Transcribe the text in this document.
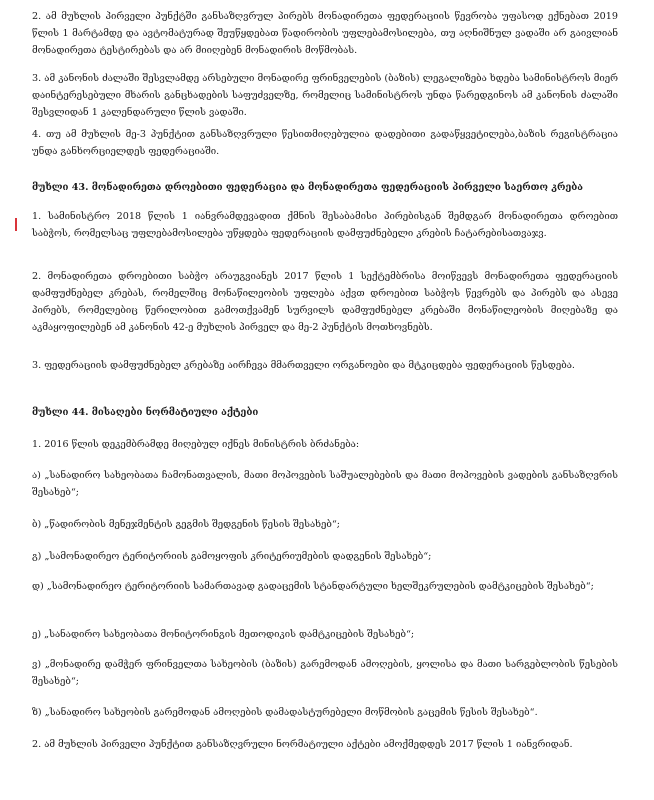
2. ამ მუხლის პირველი პუნქტში განსაზღვრულ პირებს მონადირეთა ფედერაციის წევრობა უფასოდ ექნებათ 2019 წლის 1 მარტამდე და ავტომატურად შეუწყდებათ წადირობის უფლებამოსილება, თუ აღნიშნულ ვადაში არ გაივლიან მონადირეთა ტესტირებას და არ მიიღებენ მონადირის მოწმობას.

3. ამ კანონის ძალაში შესვლამდე არსებული მონადირე ფრინველების (ბაზის) ლეგალიზება ხდება სამინისტროს მიერ დაინტერესებული მხარის განცხადების საფუძველზე, რომელიც სამინისტროს უნდა წარედგინოს ამ კანონის ძალაში შესვლიდან 1 კალენდარული წლის ვადაში.

4. თუ ამ მუხლის მე-3 პუნქტით განსაზღვრული წესითმიღებულია დადებითი გადაწყვეტილება,ბაზის რეგისტრაცია უნდა განხორციელდეს ფედერაციაში.

მუხლი 43. მონადირეთა დროებითი ფედერაცია და მონადირეთა ფედერაციის პირველი საერთო კრება

1. სამინისტრო 2018 წლის 1 იანვრამდევადით ქმნის შესაბამისი პირებისგან შემდგარ მონადირეთა დროებით საბჭოს, რომელსაც უფლებამოსილება უწყდება ფედერაციის დამფუძნებელი კრების ჩატარებისათვაჯვ.

2. მონადირეთა დროებითი საბჭო არაუგვიანეს 2017 წლის 1 სექტემბრისა მოიწვევს მონადირეთა ფედერაციის დამფუძნებელ კრებას, რომელშიც მონაწილეობის უფლება აქვთ დროებით საბჭოს წევრებს და პირებს და ასევე პირებს, რომელებიც წერილობით გამოთქვამენ სურვილს დამფუძნებელ კრებაში მონაწილეობის მიღებაზე და აკმაყოფილებენ ამ კანონის 42-ე მუხლის პირველ და მე-2 პუნქტის მოთხოვნებს.

3. ფედერაციის დამფუძნებელ კრებაზე აირჩევა მმართველი ორგანოები და მტკიცდება ფედერაციის წესდება.

მუხლი 44. მისაღები ნორმატიული აქტები

1. 2016 წლის დეკემბრამდე მიღებულ იქნეს მინისტრის ბრძანება:

ა) „სანადირო სახეობათა ჩამონათვალის, მათი მოპოვების საშუალებების და მათი მოპოვების ვადების განსაზღვრის შესახებ“;

ბ) „წადირობის მენეჯმენტის გეგმის შედგენის წესის შესახებ“;

გ) „სამონადირეო ტერიტორიის გამოყოფის კრიტერიუმების დადგენის შესახებ“;

დ) „სამონადირეო ტერიტორიის სამართავად გადაცემის სტანდარტული ხელშეკრულების დამტკიცების შესახებ“;

ე) „სანადირო სახეობათა მონიტორინგის მეთოდიკის დამტკიცების შესახებ“;

ვ) „მონადირე დამჭერ ფრინველთა სახეობის (ბაზის) გარემოდან ამოღების, ყოლისა და მათი სარგებლობის წესების შესახებ“;

ზ) „სანადირო სახეობის გარემოდან ამოღების დამადასტურებელი მოწმობის გაცემის წესის შესახებ“.

2. ამ მუხლის პირველი პუნქტით განსაზღვრული ნორმატიული აქტები ამოქმედდეს 2017 წლის 1 იანვრიდან.
